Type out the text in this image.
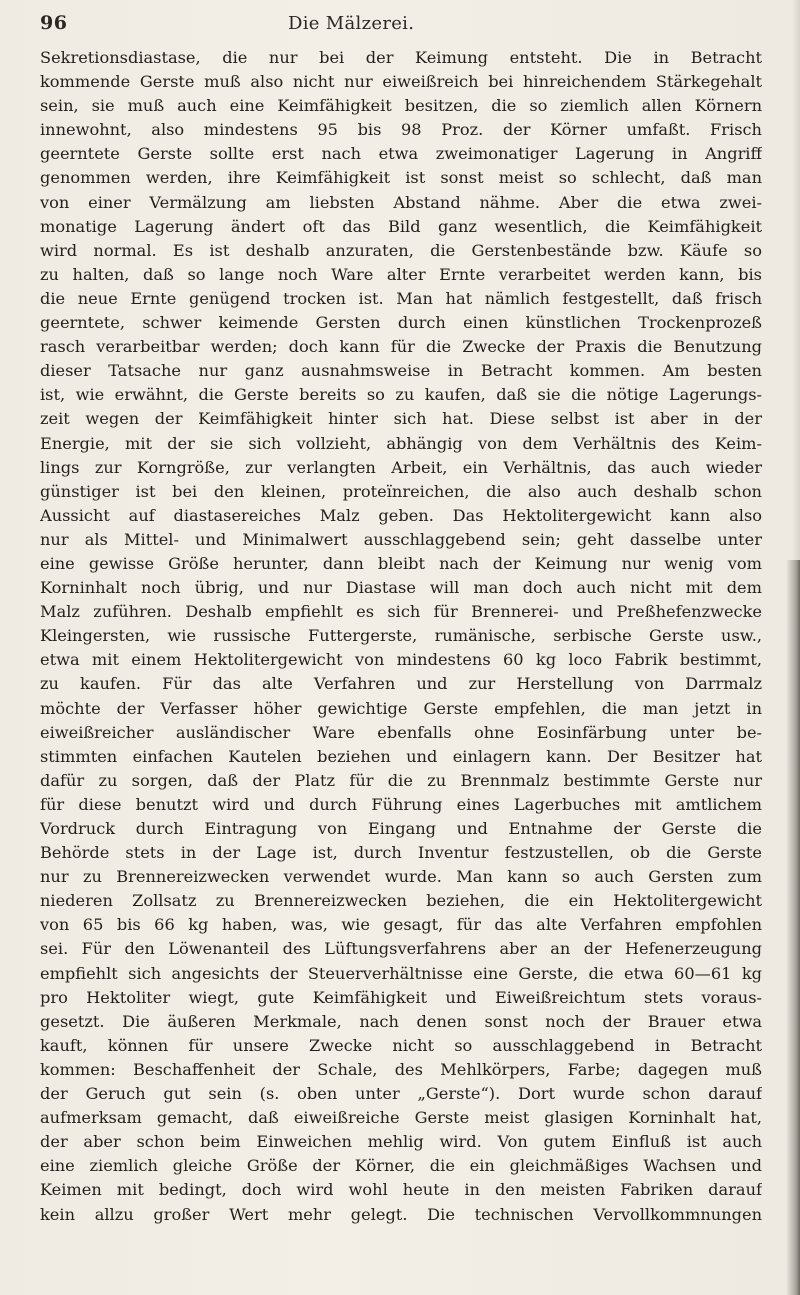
96	Die Mälzerei.
Sekretionsdiastase, die nur bei der Keimung entsteht. Die in Betracht
kommende Gerste muß also nicht nur eiweißreich bei hinreichendem Stärkegehalt
sein, sie muß auch eine Keimfähigkeit besitzen, die so ziemlich allen Körnern
innewohnt, also mindestens 95 bis 98 Proz. der Körner umfaßt. Frisch
geerntete Gerste sollte erst nach etwa zweimonatiger Lagerung in Angriff
genommen werden, ihre Keimfähigkeit ist sonst meist so schlecht, daß man
von einer Vermälzung am liebsten Abstand nähme. Aber die etwa zwei-
monatige Lagerung ändert oft das Bild ganz wesentlich, die Keimfähigkeit
wird normal. Es ist deshalb anzuraten, die Gerstenbestände bzw. Käufe so
zu halten, daß so lange noch Ware alter Ernte verarbeitet werden kann, bis
die neue Ernte genügend trocken ist. Man hat nämlich festgestellt, daß frisch
geerntete, schwer keimende Gersten durch einen künstlichen Trockenprozeß
rasch verarbeitbar werden; doch kann für die Zwecke der Praxis die Benutzung
dieser Tatsache nur ganz ausnahmsweise in Betracht kommen. Am besten
ist, wie erwähnt, die Gerste bereits so zu kaufen, daß sie die nötige Lagerungs-
zeit wegen der Keimfähigkeit hinter sich hat. Diese selbst ist aber in der
Energie, mit der sie sich vollzieht, abhängig von dem Verhältnis des Keim-
lings zur Korngröße, zur verlangten Arbeit, ein Verhältnis, das auch wieder
günstiger ist bei den kleinen, proteïnreichen, die also auch deshalb schon
Aussicht auf diastasereiches Malz geben. Das Hektolitergewicht kann also
nur als Mittel- und Minimalwert ausschlaggebend sein; geht dasselbe unter
eine gewisse Größe herunter, dann bleibt nach der Keimung nur wenig vom
Korninhalt noch übrig, und nur Diastase will man doch auch nicht mit dem
Malz zuführen. Deshalb empfiehlt es sich für Brennerei- und Preßhefenzwecke
Kleingersten, wie russische Futtergerste, rumänische, serbische Gerste usw.,
etwa mit einem Hektolitergewicht von mindestens 60 kg loco Fabrik bestimmt,
zu kaufen. Für das alte Verfahren und zur Herstellung von Darrmalz
möchte der Verfasser höher gewichtige Gerste empfehlen, die man jetzt in
eiweißreicher ausländischer Ware ebenfalls ohne Eosinfärbung unter be-
stimmten einfachen Kautelen beziehen und einlagern kann. Der Besitzer hat
dafür zu sorgen, daß der Platz für die zu Brennmalz bestimmte Gerste nur
für diese benutzt wird und durch Führung eines Lagerbuches mit amtlichem
Vordruck durch Eintragung von Eingang und Entnahme der Gerste die
Behörde stets in der Lage ist, durch Inventur festzustellen, ob die Gerste
nur zu Brennereizwecken verwendet wurde. Man kann so auch Gersten zum
niederen Zollsatz zu Brennereizwecken beziehen, die ein Hektolitergewicht
von 65 bis 66 kg haben, was, wie gesagt, für das alte Verfahren empfohlen
sei. Für den Löwenanteil des Lüftungsverfahrens aber an der Hefenerzeugung
empfiehlt sich angesichts der Steuerverhältnisse eine Gerste, die etwa 60—61 kg
pro Hektoliter wiegt, gute Keimfähigkeit und Eiweißreichtum stets voraus-
gesetzt. Die äußeren Merkmale, nach denen sonst noch der Brauer etwa
kauft, können für unsere Zwecke nicht so ausschlaggebend in Betracht
kommen: Beschaffenheit der Schale, des Mehlkörpers, Farbe; dagegen muß
der Geruch gut sein (s. oben unter „Gerste“). Dort wurde schon darauf
aufmerksam gemacht, daß eiweißreiche Gerste meist glasigen Korninhalt hat,
der aber schon beim Einweichen mehlig wird. Von gutem Einfluß ist auch
eine ziemlich gleiche Größe der Körner, die ein gleichmäßiges Wachsen und
Keimen mit bedingt, doch wird wohl heute in den meisten Fabriken darauf
kein allzu großer Wert mehr gelegt. Die technischen Vervollkommnungen
